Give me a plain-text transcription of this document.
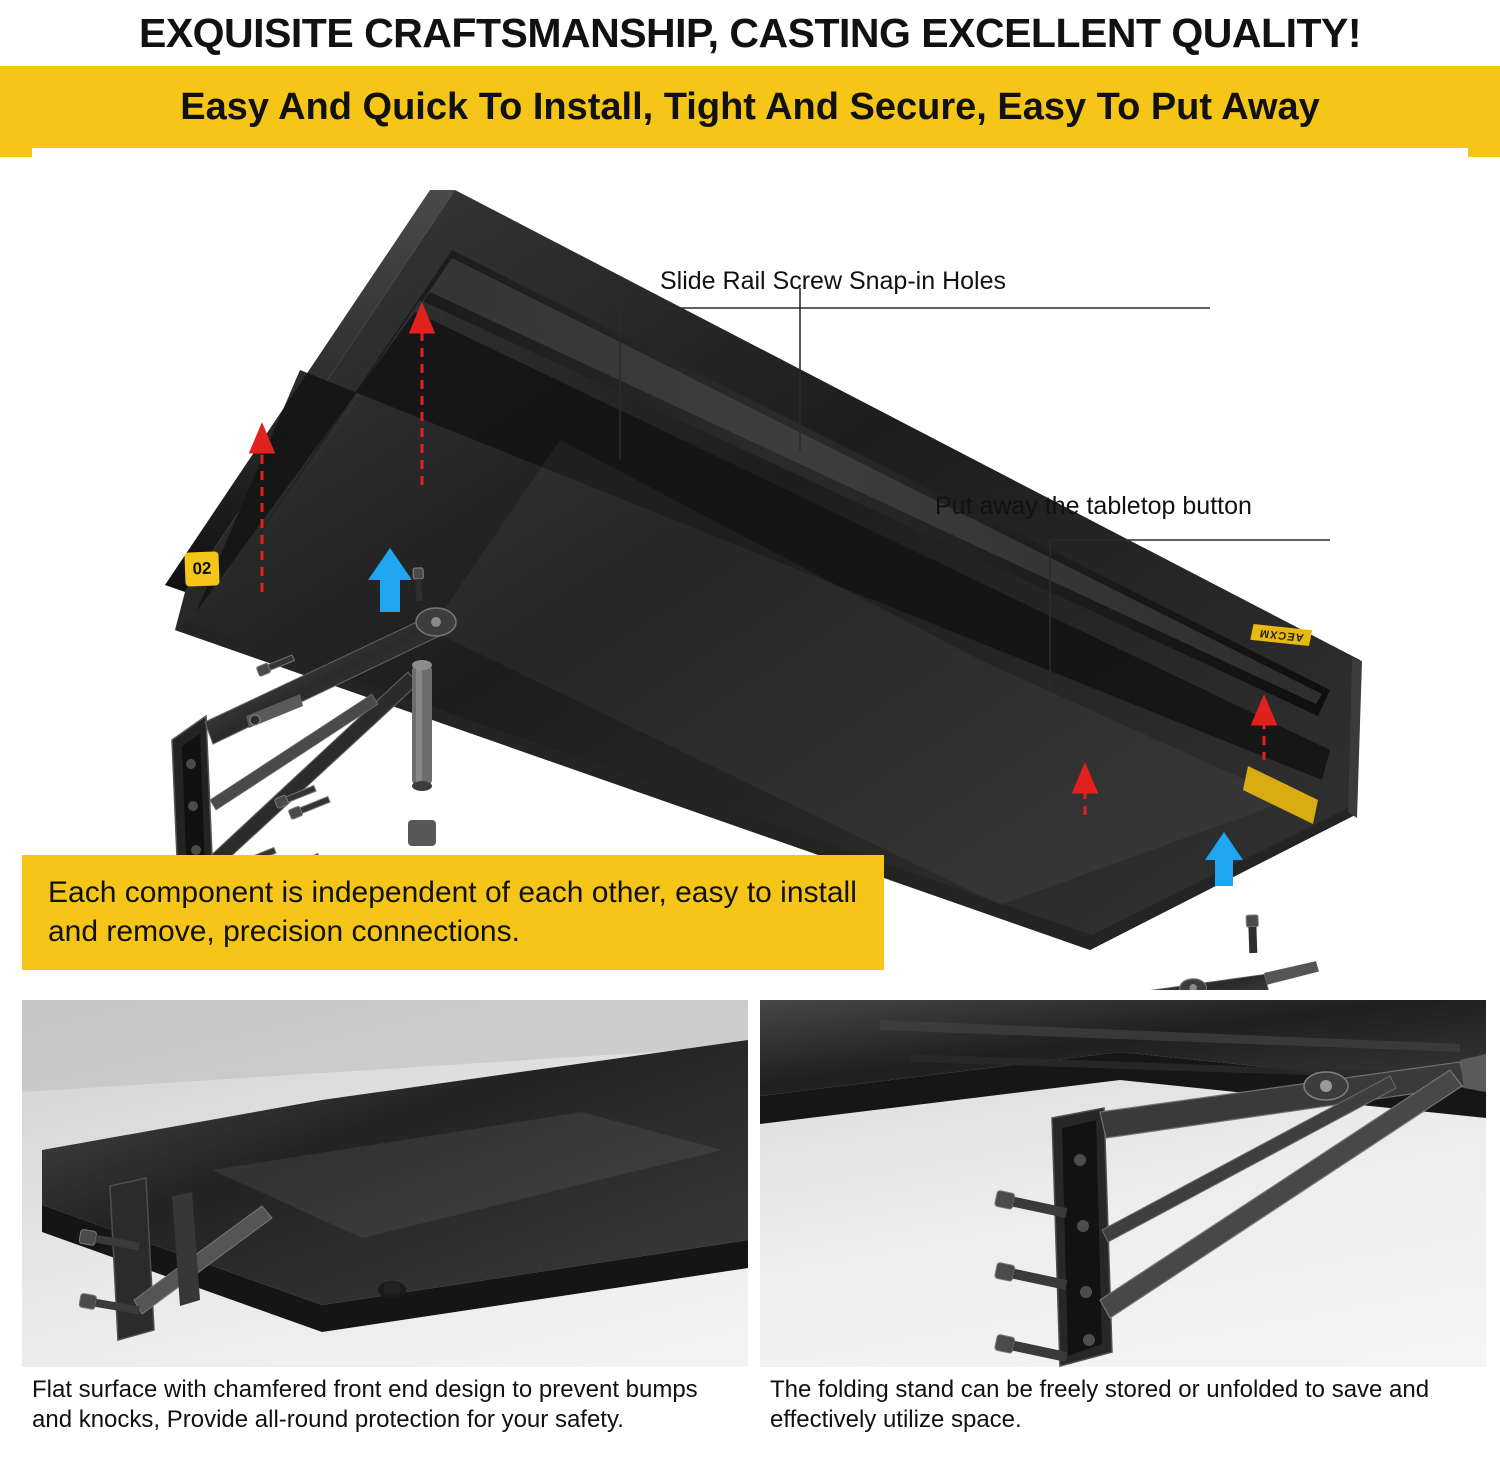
EXQUISITE CRAFTSMANSHIP, CASTING EXCELLENT QUALITY!
Easy And Quick To Install, Tight And Secure, Easy To Put Away
Slide Rail Screw Snap-in Holes
Put away the tabletop button
02
AECXM
Each component is independent of each other, easy to install and remove, precision connections.
Flat surface with chamfered front end design to prevent bumps and knocks, Provide all-round protection for your safety.
The folding stand can be freely stored or unfolded to save and effectively utilize space.
